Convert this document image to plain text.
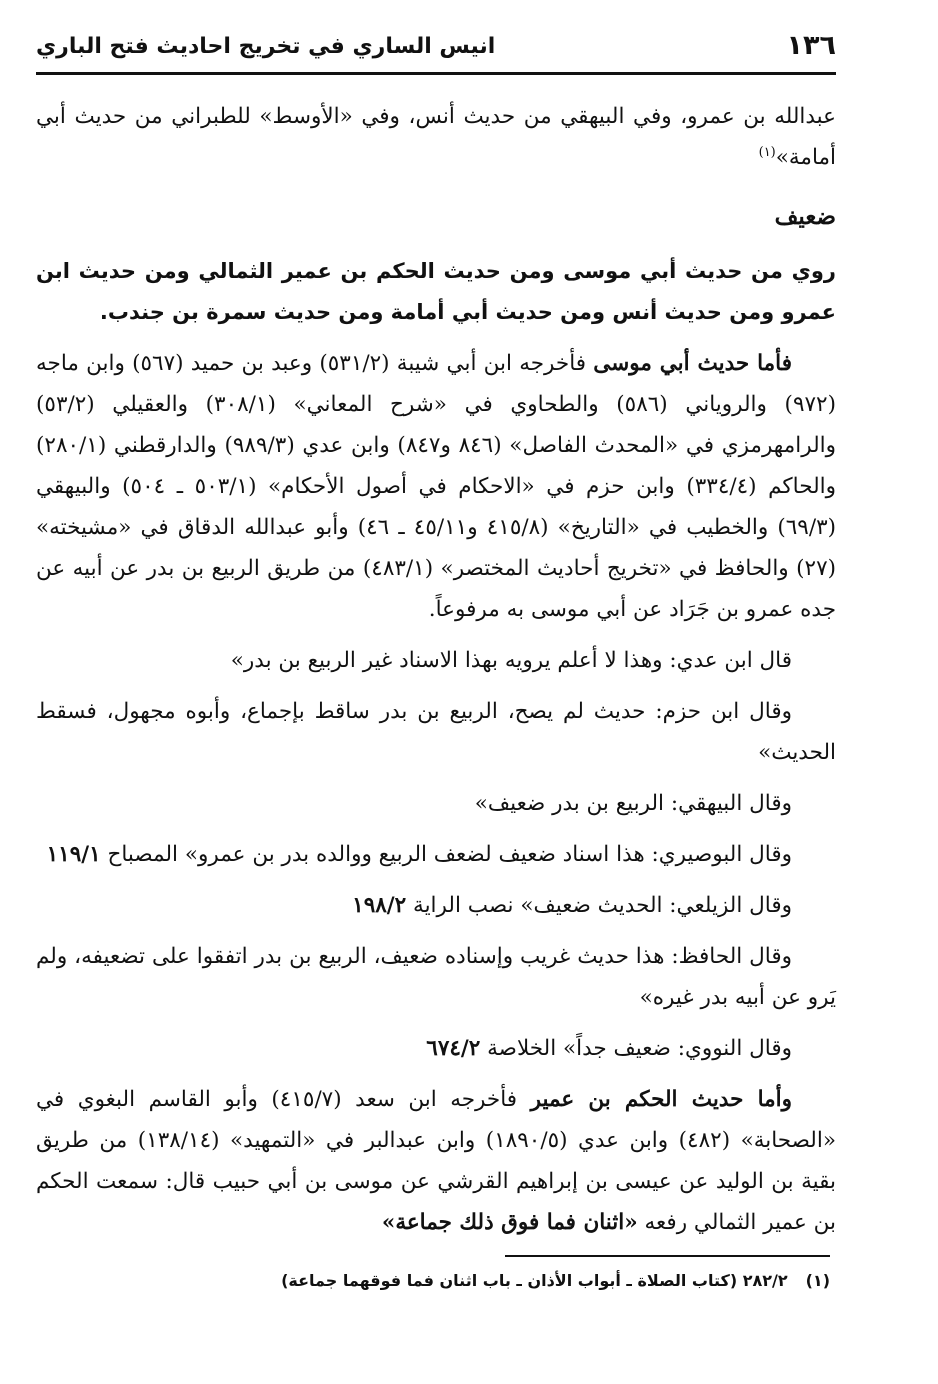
١٣٦
انيس الساري في تخريج احاديث فتح الباري

عبدالله بن عمرو، وفي البيهقي من حديث أنس، وفي «الأوسط» للطبراني من حديث أبي أمامة»$^{(١)}$

ضعيف

روي من حديث أبي موسى ومن حديث الحكم بن عمير الثمالي ومن حديث ابن عمرو ومن حديث أنس ومن حديث أبي أمامة ومن حديث سمرة بن جندب.

فأما حديث أبي موسى فأخرجه ابن أبي شيبة (٥٣١/٢) وعبد بن حميد (٥٦٧) وابن ماجه (٩٧٢) والروياني (٥٨٦) والطحاوي في «شرح المعاني» (٣٠٨/١) والعقيلي (٥٣/٢) والرامهرمزي في «المحدث الفاصل» (٨٤٦ و٨٤٧) وابن عدي (٩٨٩/٣) والدارقطني (٢٨٠/١) والحاكم (٣٣٤/٤) وابن حزم في «الاحكام في أصول الأحكام» (٥٠٣/١ ـ ٥٠٤) والبيهقي (٦٩/٣) والخطيب في «التاريخ» (٤١٥/٨ و٤٥/١١ ـ ٤٦) وأبو عبدالله الدقاق في «مشيخته» (٢٧) والحافظ في «تخريج أحاديث المختصر» (٤٨٣/١) من طريق الربيع بن بدر عن أبيه عن جده عمرو بن جَرَاد عن أبي موسى به مرفوعاً.

قال ابن عدي: وهذا لا أعلم يرويه بهذا الاسناد غير الربيع بن بدر»

وقال ابن حزم: حديث لم يصح، الربيع بن بدر ساقط بإجماع، وأبوه مجهول، فسقط الحديث»

وقال البيهقي: الربيع بن بدر ضعيف»

وقال البوصيري: هذا اسناد ضعيف لضعف الربيع ووالده بدر بن عمرو» المصباح ١١٩/١

وقال الزيلعي: الحديث ضعيف» نصب الراية ١٩٨/٢

وقال الحافظ: هذا حديث غريب وإسناده ضعيف، الربيع بن بدر اتفقوا على تضعيفه، ولم يَرو عن أبيه بدر غيره»

وقال النووي: ضعيف جداً» الخلاصة ٦٧٤/٢

وأما حديث الحكم بن عمير فأخرجه ابن سعد (٤١٥/٧) وأبو القاسم البغوي في «الصحابة» (٤٨٢) وابن عدي (١٨٩٠/٥) وابن عبدالبر في «التمهيد» (١٣٨/١٤) من طريق بقية بن الوليد عن عيسى بن إبراهيم القرشي عن موسى بن أبي حبيب قال: سمعت الحكم بن عمير الثمالي رفعه «اثنان فما فوق ذلك جماعة»

(١)٢٨٢/٢ (كتاب الصلاة ـ أبواب الأذان ـ باب اثنان فما فوقهما جماعة)
